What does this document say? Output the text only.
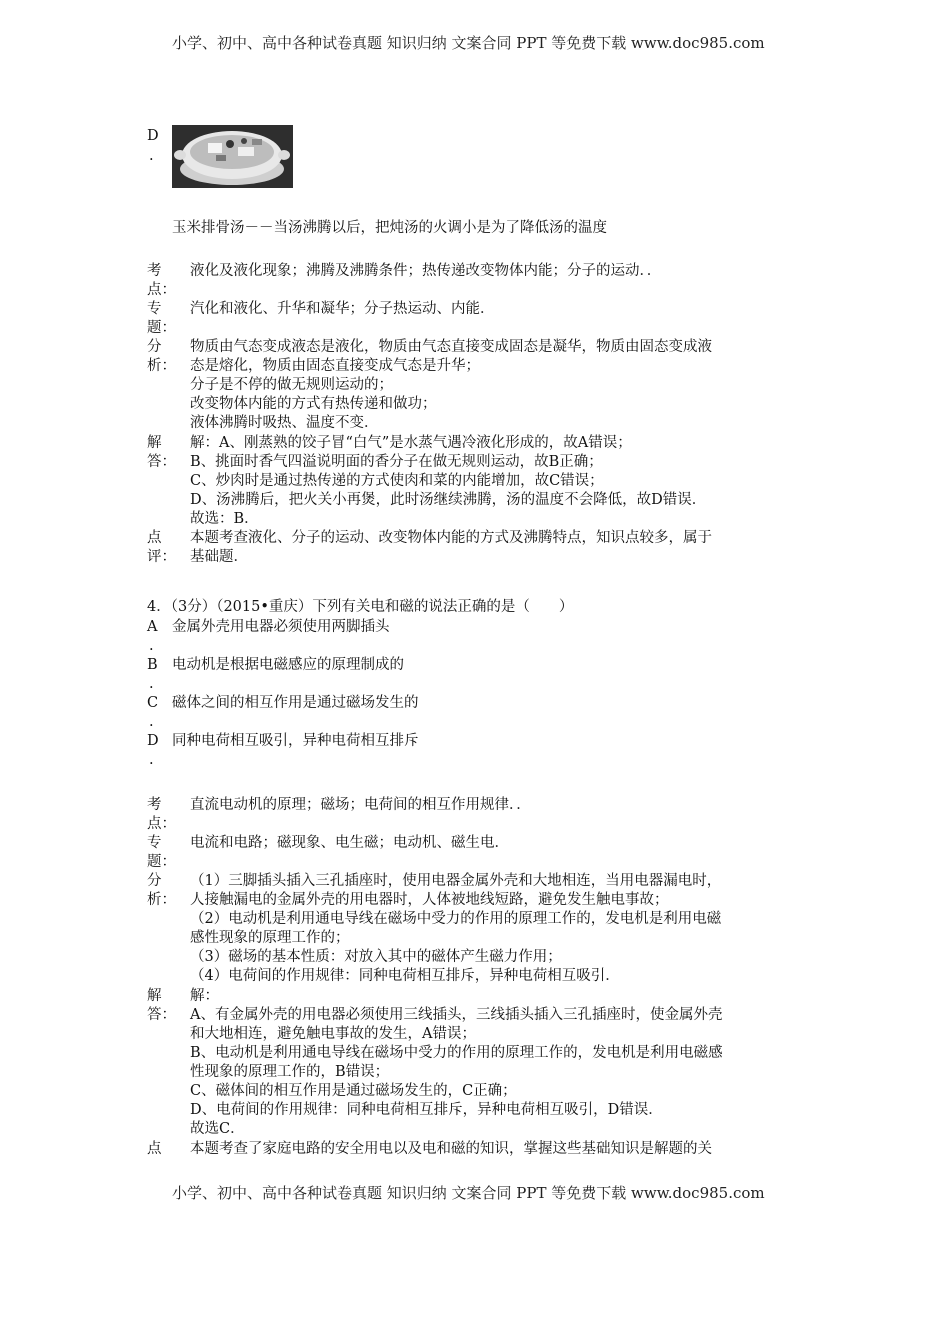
小学、初中、高中各种试卷真题 知识归纳 文案合同 PPT 等免费下载 www.doc985.com
D
.
玉米排骨汤－－当汤沸腾以后，把炖汤的火调小是为了降低汤的温度
考点：
液化及液化现象；沸腾及沸腾条件；热传递改变物体内能；分子的运动．．
专题：
汽化和液化、升华和凝华；分子热运动、内能．
分析：
物质由气态变成液态是液化，物质由气态直接变成固态是凝华，物质由固态变成液
态是熔化，物质由固态直接变成气态是升华；
分子是不停的做无规则运动的；
改变物体内能的方式有热传递和做功；
液体沸腾时吸热、温度不变．
解答：
解：A、刚蒸熟的饺子冒“白气”是水蒸气遇冷液化形成的，故A错误；
B、挑面时香气四溢说明面的香分子在做无规则运动，故B正确；
C、炒肉时是通过热传递的方式使肉和菜的内能增加，故C错误；
D、汤沸腾后，把火关小再煲，此时汤继续沸腾，汤的温度不会降低，故D错误．
故选：B．
点评：
本题考查液化、分子的运动、改变物体内能的方式及沸腾特点，知识点较多，属于
基础题．
4．（3分）（2015•重庆）下列有关电和磁的说法正确的是（　　）
A 金属外壳用电器必须使用两脚插头
.
B 电动机是根据电磁感应的原理制成的
.
C 磁体之间的相互作用是通过磁场发生的
.
D 同种电荷相互吸引，异种电荷相互排斥
.
考点：
直流电动机的原理；磁场；电荷间的相互作用规律．．
专题：
电流和电路；磁现象、电生磁；电动机、磁生电．
分析：
（1）三脚插头插入三孔插座时，使用电器金属外壳和大地相连，当用电器漏电时，
人接触漏电的金属外壳的用电器时，人体被地线短路，避免发生触电事故；
（2）电动机是利用通电导线在磁场中受力的作用的原理工作的，发电机是利用电磁
感性现象的原理工作的；
（3）磁场的基本性质：对放入其中的磁体产生磁力作用；
（4）电荷间的作用规律：同种电荷相互排斥，异种电荷相互吸引．
解答：
解：
A、有金属外壳的用电器必须使用三线插头，三线插头插入三孔插座时，使金属外壳
和大地相连，避免触电事故的发生，A错误；
B、电动机是利用通电导线在磁场中受力的作用的原理工作的，发电机是利用电磁感
性现象的原理工作的，B错误；
C、磁体间的相互作用是通过磁场发生的，C正确；
D、电荷间的作用规律：同种电荷相互排斥，异种电荷相互吸引，D错误．
故选C．
点	本题考查了家庭电路的安全用电以及电和磁的知识，掌握这些基础知识是解题的关
小学、初中、高中各种试卷真题 知识归纳 文案合同 PPT 等免费下载 www.doc985.com
